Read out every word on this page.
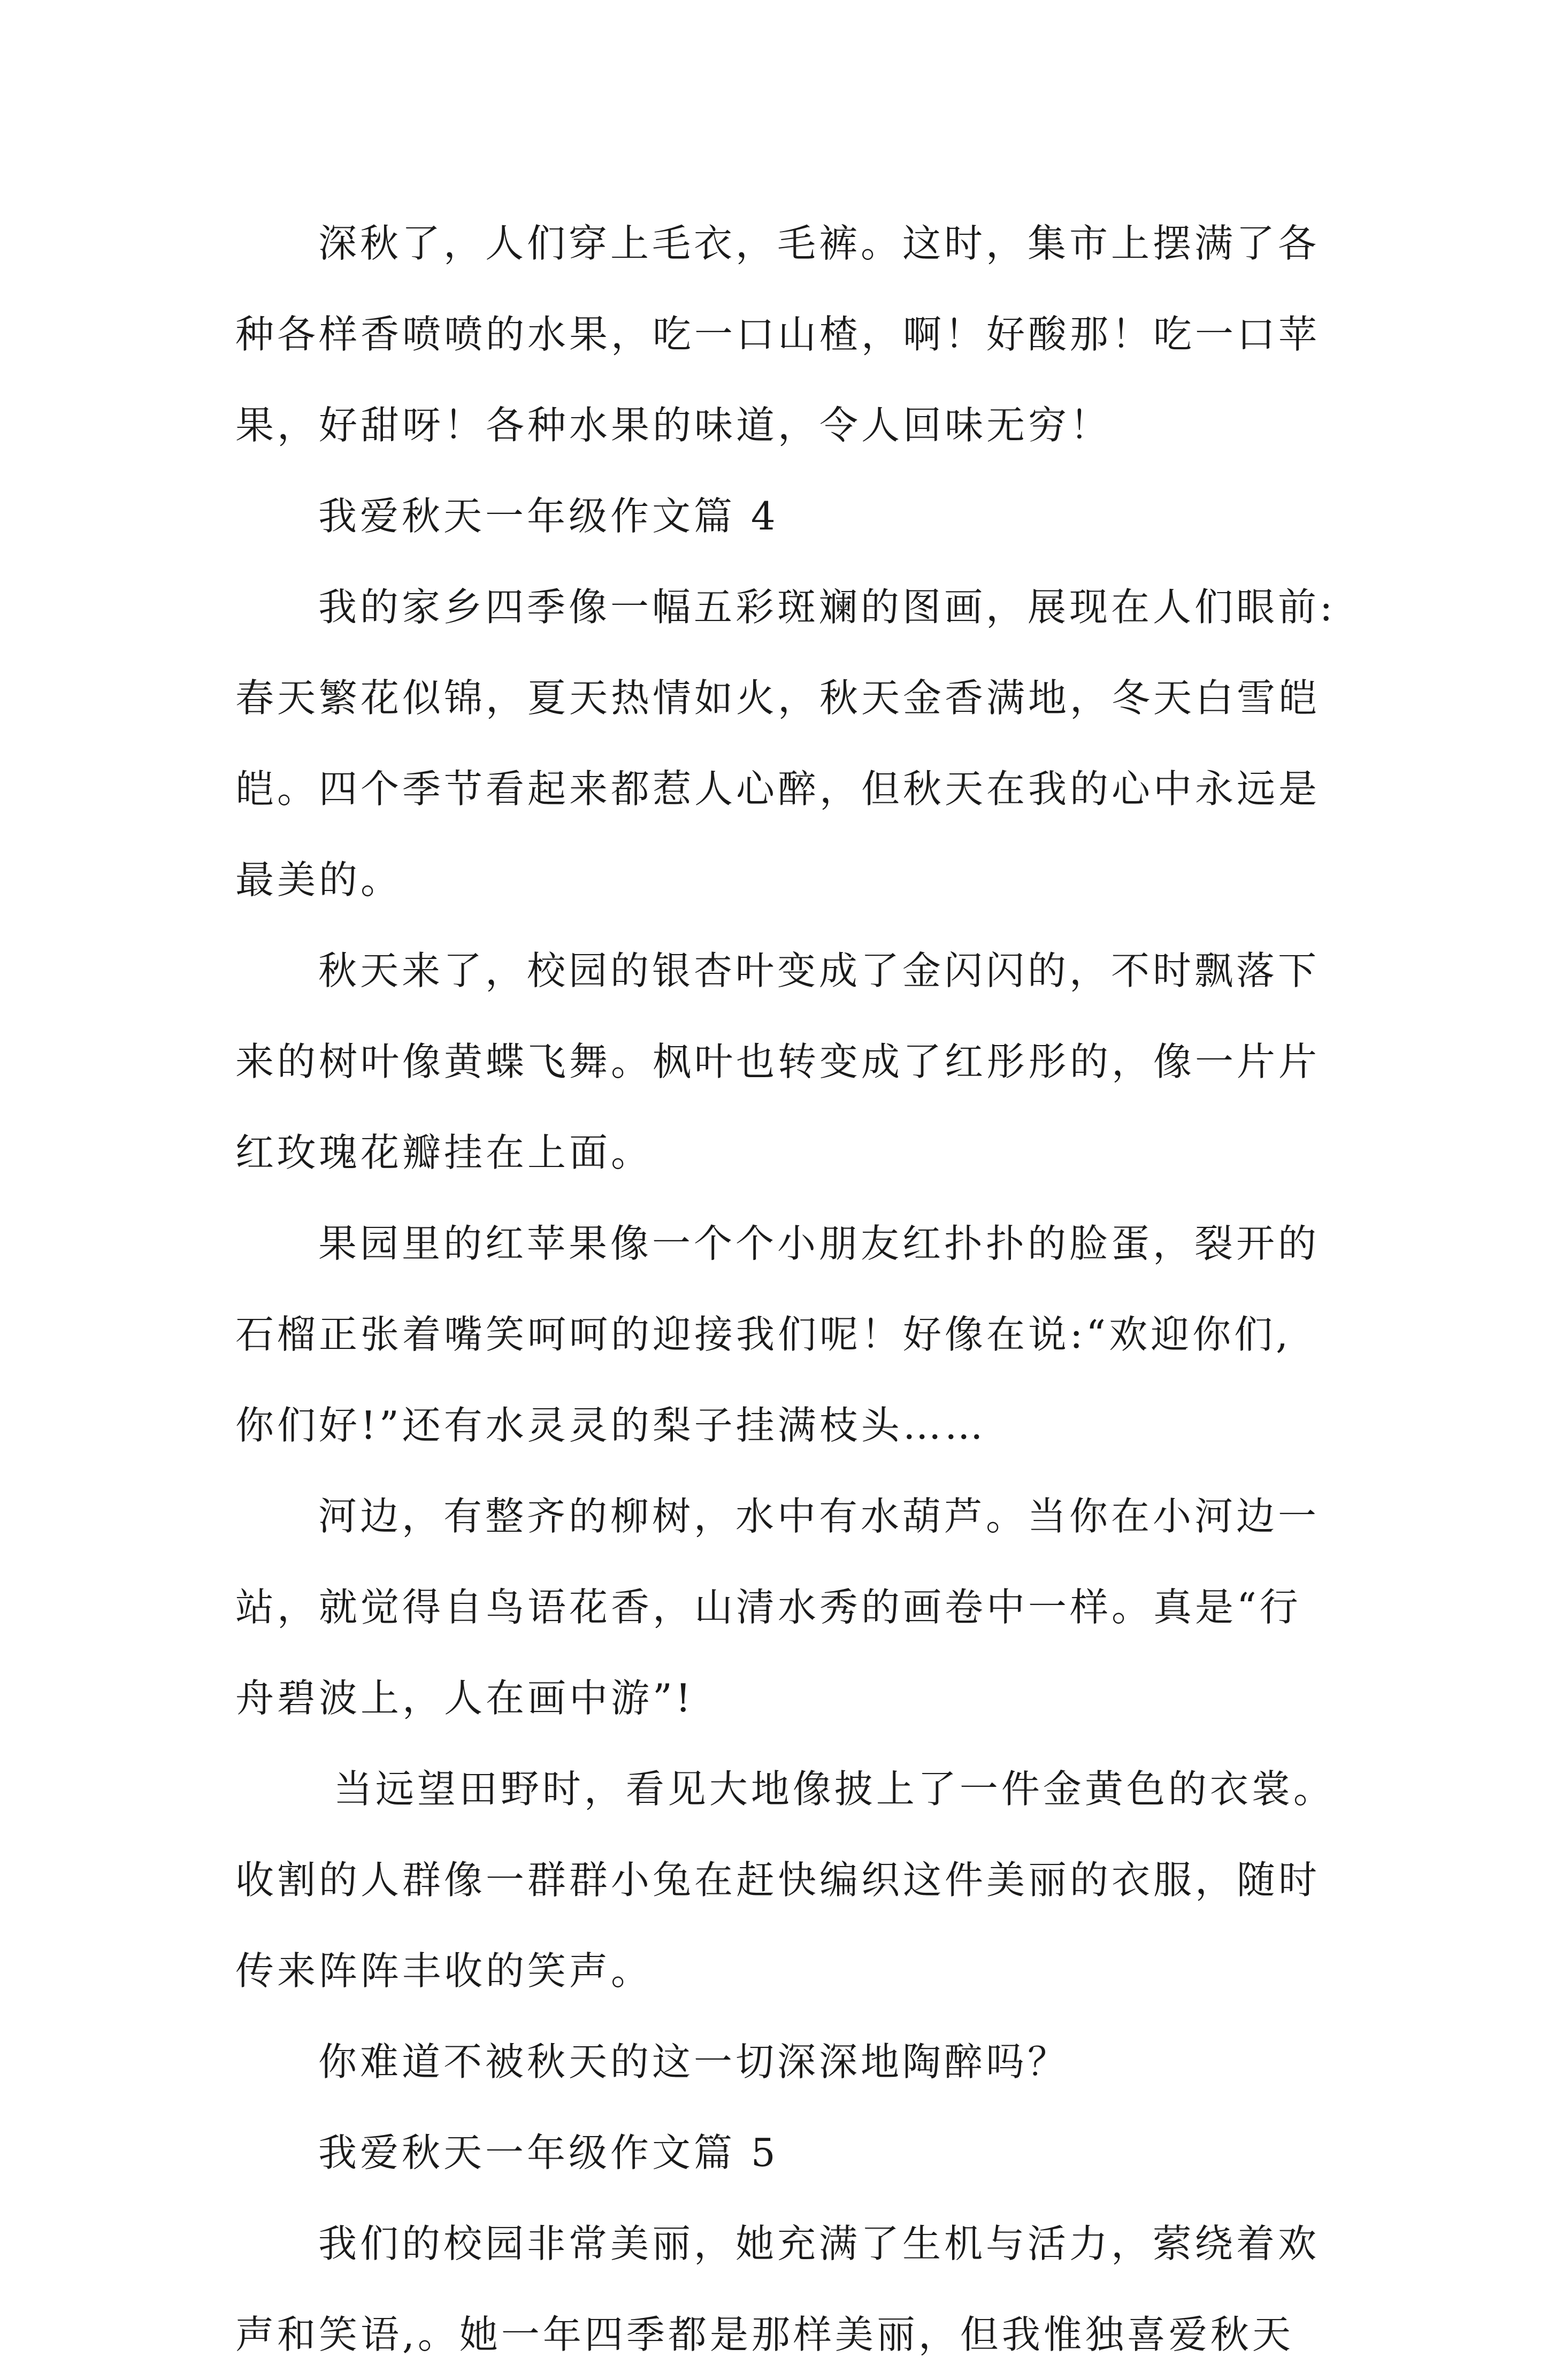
深秋了，人们穿上毛衣，毛裤。这时，集市上摆满了各
种各样香喷喷的水果，吃一口山楂，啊！好酸那！吃一口苹
果，好甜呀！各种水果的味道，令人回味无穷！
我爱秋天一年级作文篇 4
我的家乡四季像一幅五彩斑斓的图画，展现在人们眼前:
春天繁花似锦，夏天热情如火，秋天金香满地，冬天白雪皑
皑。四个季节看起来都惹人心醉，但秋天在我的心中永远是
最美的。
秋天来了，校园的银杏叶变成了金闪闪的，不时飘落下
来的树叶像黄蝶飞舞。枫叶也转变成了红彤彤的，像一片片
红玫瑰花瓣挂在上面。
果园里的红苹果像一个个小朋友红扑扑的脸蛋，裂开的
石榴正张着嘴笑呵呵的迎接我们呢！好像在说:“欢迎你们,
你们好!”还有水灵灵的梨子挂满枝头……
河边，有整齐的柳树，水中有水葫芦。当你在小河边一
站，就觉得自鸟语花香，山清水秀的画卷中一样。真是“行
舟碧波上，人在画中游”!
当远望田野时，看见大地像披上了一件金黄色的衣裳。
收割的人群像一群群小兔在赶快编织这件美丽的衣服，随时
传来阵阵丰收的笑声。
你难道不被秋天的这一切深深地陶醉吗？
我爱秋天一年级作文篇 5
我们的校园非常美丽，她充满了生机与活力，萦绕着欢
声和笑语,。她一年四季都是那样美丽，但我惟独喜爱秋天
